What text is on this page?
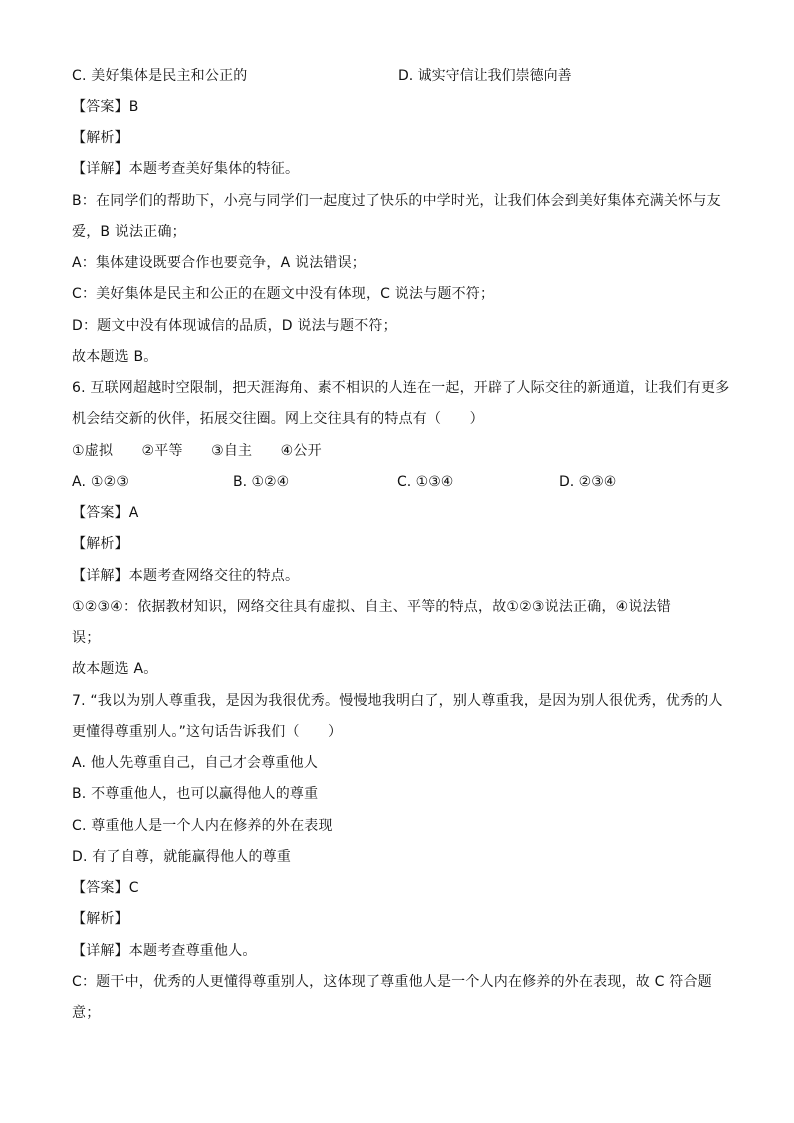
C. 美好集体是民主和公正的	D. 诚实守信让我们崇德向善
【答案】B
【解析】
【详解】本题考查美好集体的特征。
B：在同学们的帮助下，小亮与同学们一起度过了快乐的中学时光，让我们体会到美好集体充满关怀与友
爱，B 说法正确；
A：集体建设既要合作也要竞争，A 说法错误；
C：美好集体是民主和公正的在题文中没有体现，C 说法与题不符；
D：题文中没有体现诚信的品质，D 说法与题不符；
故本题选 B。
6. 互联网超越时空限制，把天涯海角、素不相识的人连在一起，开辟了人际交往的新通道，让我们有更多
机会结交新的伙伴，拓展交往圈。网上交往具有的特点有（　　）
①虚拟　　②平等　　③自主　　④公开
A. ①②③	B. ①②④	C. ①③④	D. ②③④
【答案】A
【解析】
【详解】本题考查网络交往的特点。
①②③④：依据教材知识，网络交往具有虚拟、自主、平等的特点，故①②③说法正确，④说法错
误；
故本题选 A。
7. “我以为别人尊重我，是因为我很优秀。慢慢地我明白了，别人尊重我，是因为别人很优秀，优秀的人
更懂得尊重别人。”这句话告诉我们（　　）
A. 他人先尊重自己，自己才会尊重他人
B. 不尊重他人，也可以赢得他人的尊重
C. 尊重他人是一个人内在修养的外在表现
D. 有了自尊，就能赢得他人的尊重
【答案】C
【解析】
【详解】本题考查尊重他人。
C：题干中，优秀的人更懂得尊重别人，这体现了尊重他人是一个人内在修养的外在表现，故 C 符合题
意；
